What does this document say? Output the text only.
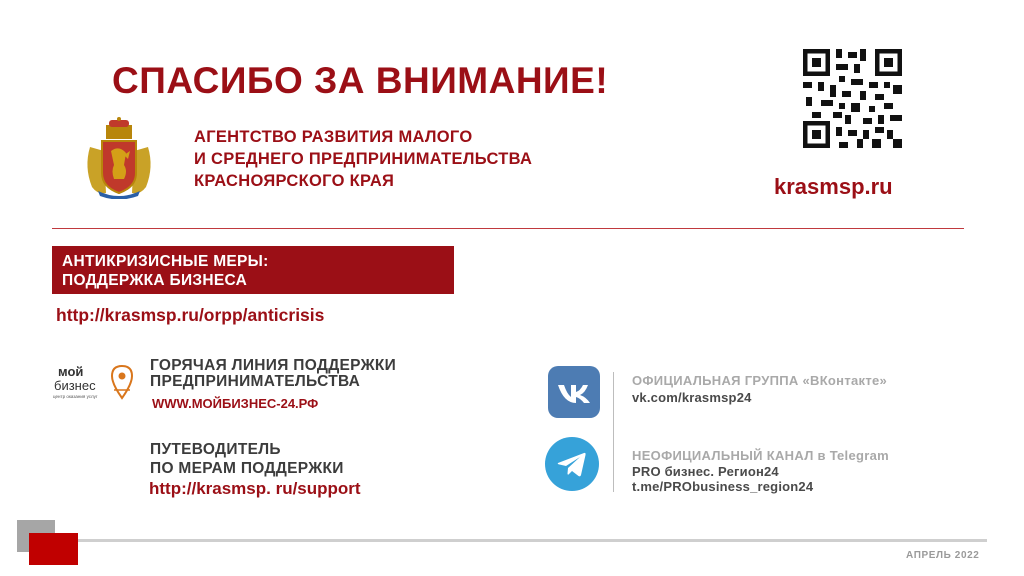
СПАСИБО ЗА ВНИМАНИЕ!
АГЕНТСТВО РАЗВИТИЯ МАЛОГО
И СРЕДНЕГО ПРЕДПРИНИМАТЕЛЬСТВА
КРАСНОЯРСКОГО КРАЯ	krasmsp.ru
АНТИКРИЗИСНЫЕ МЕРЫ:
ПОДДЕРЖКА БИЗНЕСА
http://krasmsp.ru/orpp/anticrisis
мой
бизнес
центр оказания услуг
ГОРЯЧАЯ ЛИНИЯ ПОДДЕРЖКИ
ПРЕДПРИНИМАТЕЛЬСТВА
WWW.МОЙБИЗНЕС-24.РФ
ПУТЕВОДИТЕЛЬ
ПО МЕРАМ ПОДДЕРЖКИ
http://krasmsp. ru/support
ОФИЦИАЛЬНАЯ ГРУППА «ВКонтакте»
vk.com/krasmsp24
НЕОФИЦИАЛЬНЫЙ КАНАЛ в Telegram
PRO бизнес. Регион24
t.me/PRObusiness_region24
АПРЕЛЬ 2022
